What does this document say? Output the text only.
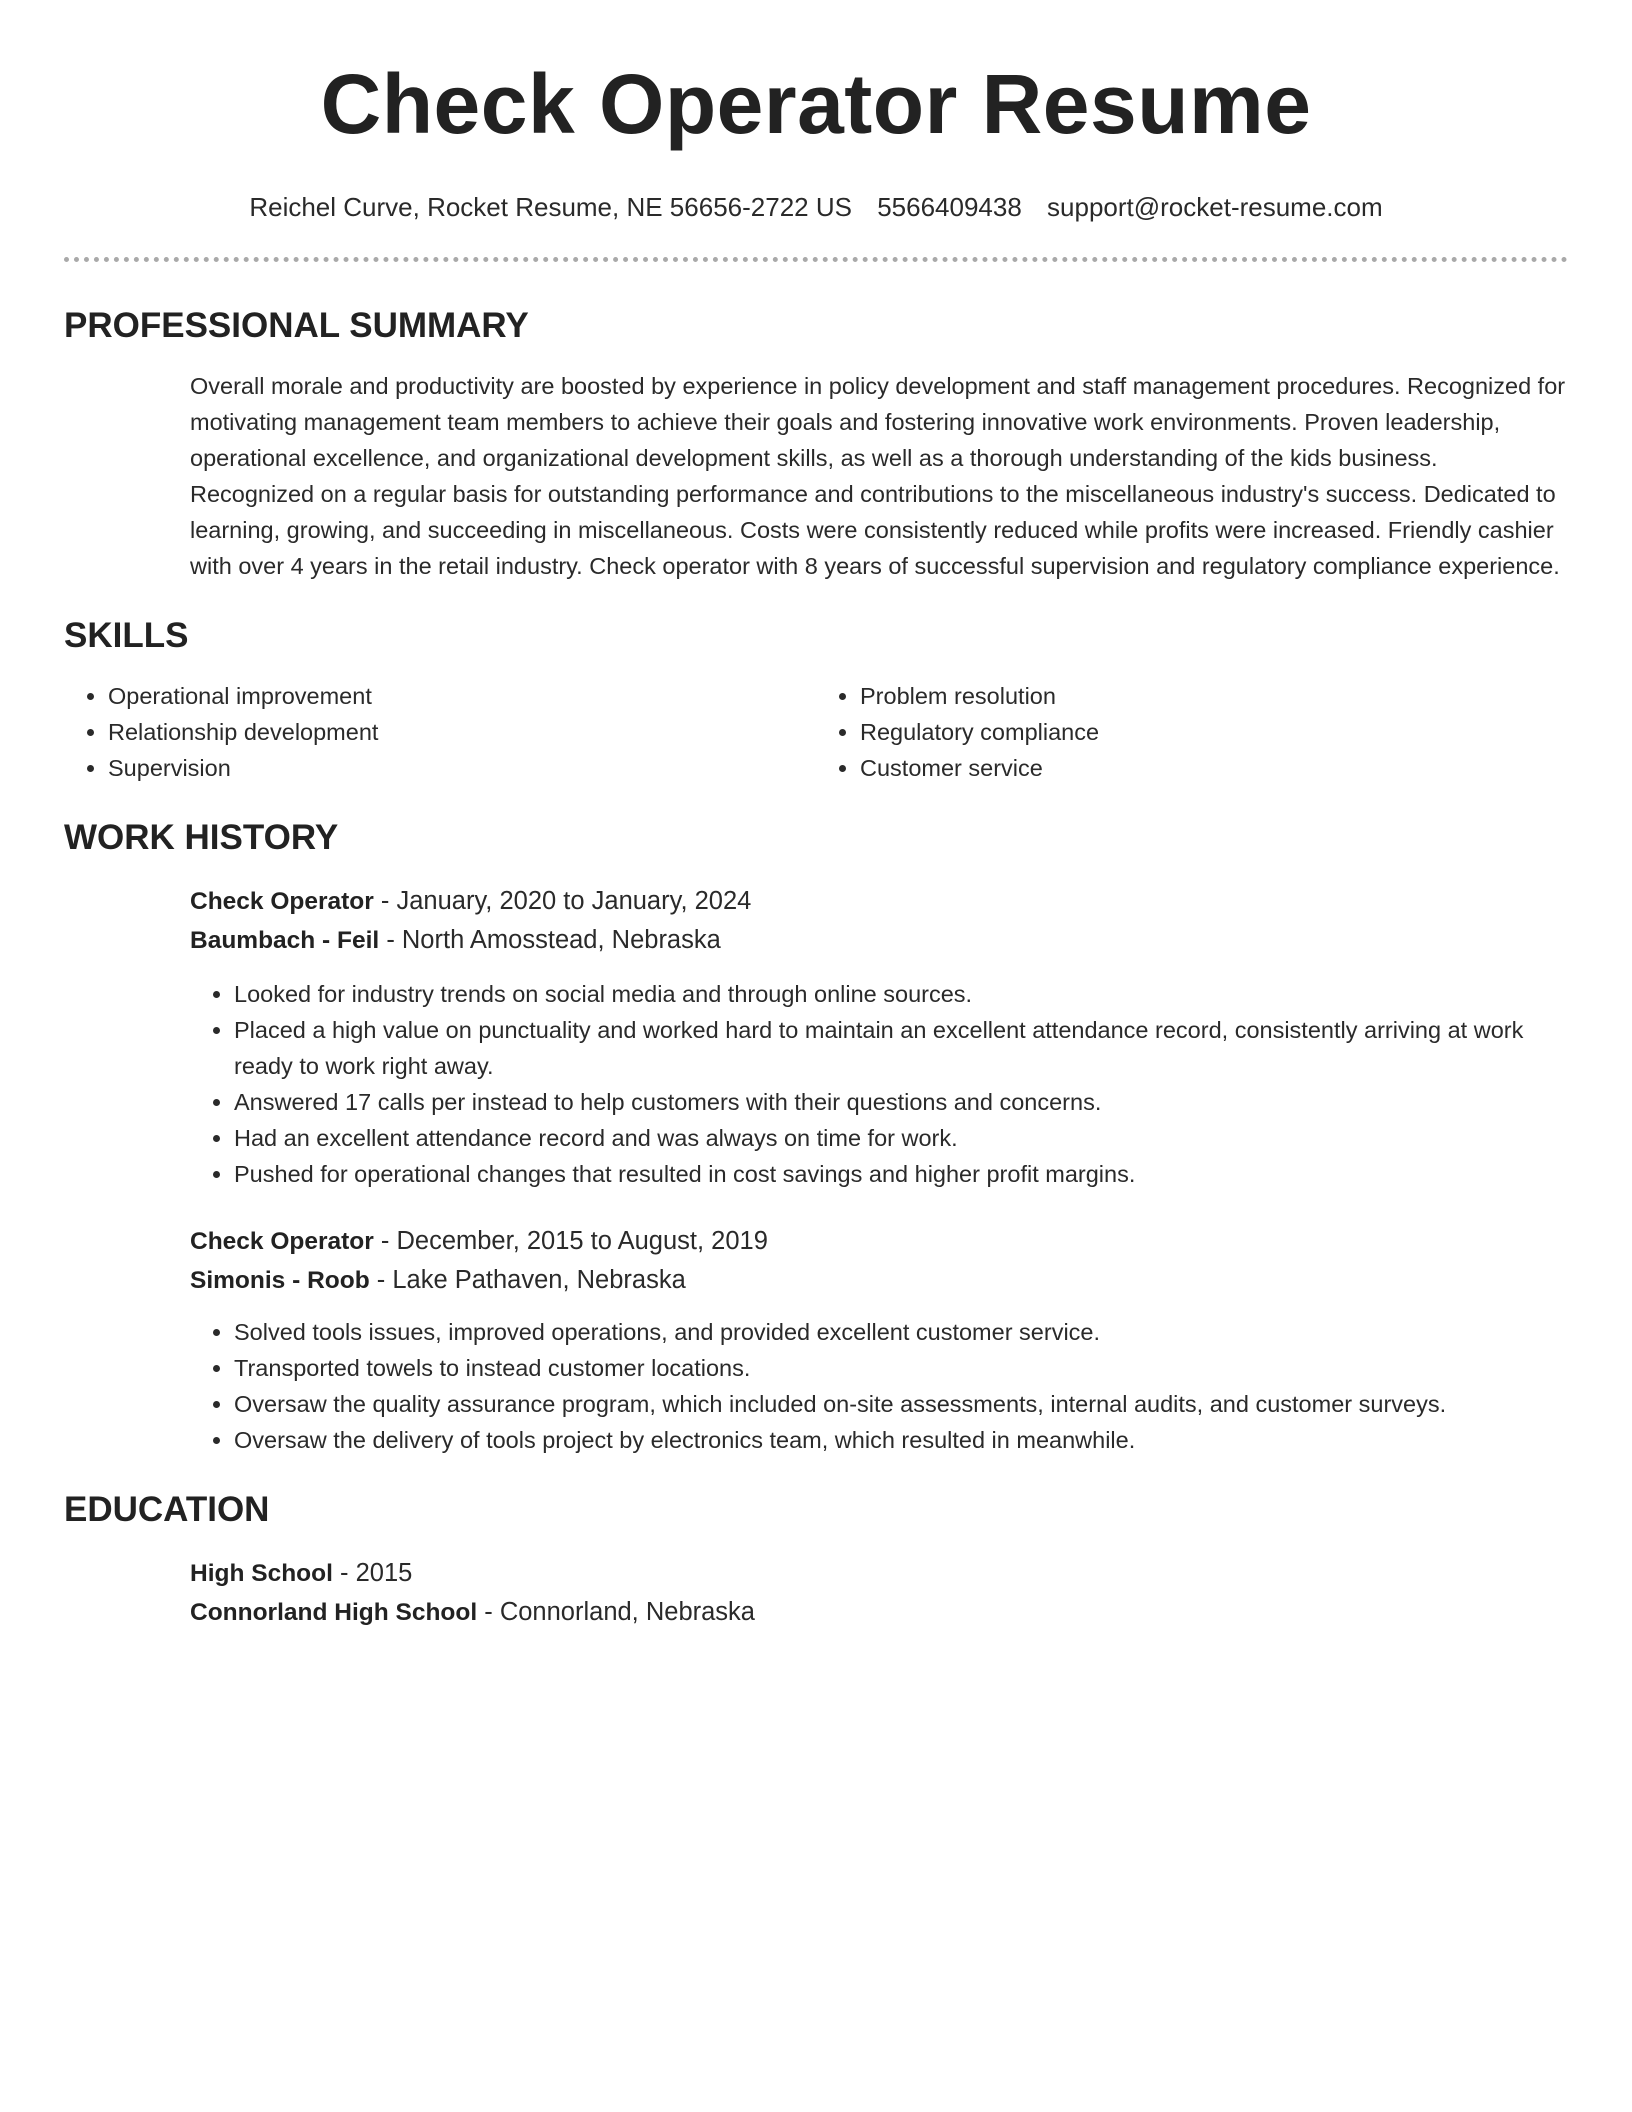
Check Operator Resume
Reichel Curve, Rocket Resume, NE 56656-2722 US 5566409438 support@rocket-resume.com
PROFESSIONAL SUMMARY

Overall morale and productivity are boosted by experience in policy development and staff management procedures. Recognized for motivating management team members to achieve their goals and fostering innovative work environments. Proven leadership, operational excellence, and organizational development skills, as well as a thorough understanding of the kids business. Recognized on a regular basis for outstanding performance and contributions to the miscellaneous industry's success. Dedicated to learning, growing, and succeeding in miscellaneous. Costs were consistently reduced while profits were increased. Friendly cashier with over 4 years in the retail industry. Check operator with 8 years of successful supervision and regulatory compliance experience.

SKILLS
• Operational improvement
• Relationship development
• Supervision
• Problem resolution
• Regulatory compliance
• Customer service
WORK HISTORY
Check Operator - January, 2020 to January, 2024
Baumbach - Feil - North Amosstead, Nebraska
• Looked for industry trends on social media and through online sources.
• Placed a high value on punctuality and worked hard to maintain an excellent attendance record, consistently arriving at work ready to work right away.
• Answered 17 calls per instead to help customers with their questions and concerns.
• Had an excellent attendance record and was always on time for work.
• Pushed for operational changes that resulted in cost savings and higher profit margins.
Check Operator - December, 2015 to August, 2019
Simonis - Roob - Lake Pathaven, Nebraska
• Solved tools issues, improved operations, and provided excellent customer service.
• Transported towels to instead customer locations.
• Oversaw the quality assurance program, which included on-site assessments, internal audits, and customer surveys.
• Oversaw the delivery of tools project by electronics team, which resulted in meanwhile.
EDUCATION
High School - 2015
Connorland High School - Connorland, Nebraska
